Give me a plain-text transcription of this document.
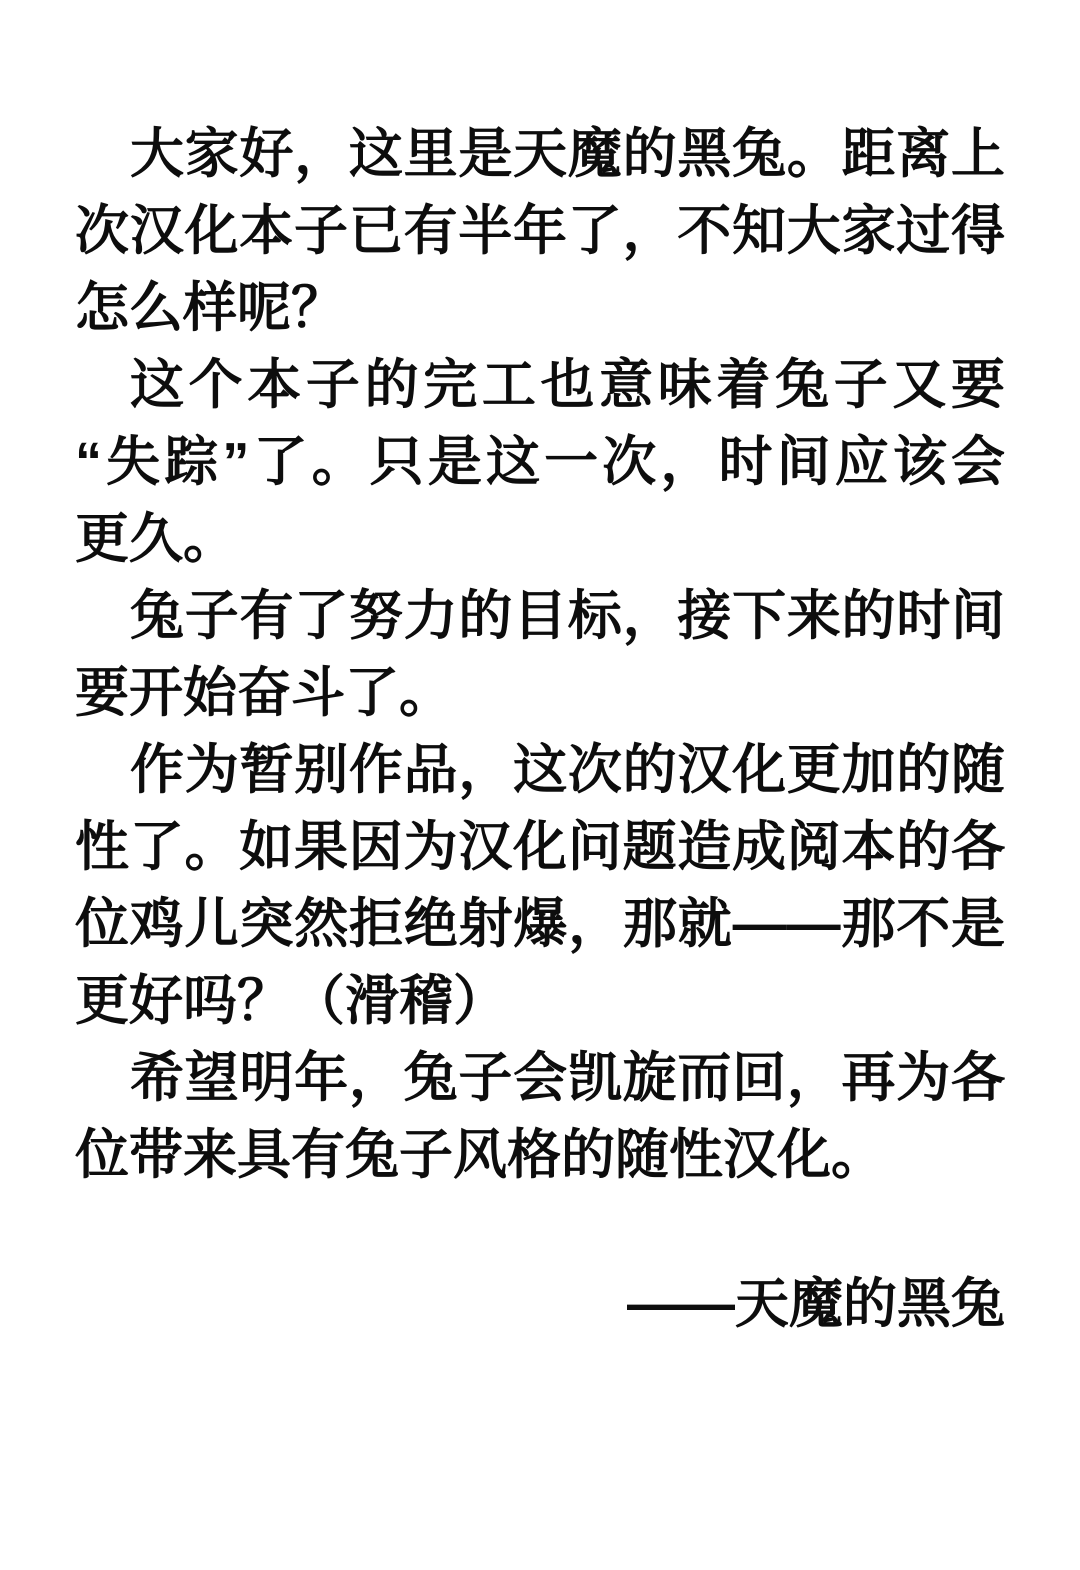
大家好，这里是天魔的黑兔。距离上
次汉化本子已有半年了，不知大家过得
怎么样呢？
这个本子的完工也意味着兔子又要
“失踪”了。只是这一次，时间应该会
更久。
兔子有了努力的目标，接下来的时间
要开始奋斗了。
作为暂别作品，这次的汉化更加的随
性了。如果因为汉化问题造成阅本的各
位鸡儿突然拒绝射爆，那就——那不是
更好吗？（滑稽）
希望明年，兔子会凯旋而回，再为各
位带来具有兔子风格的随性汉化。
——天魔的黑兔
